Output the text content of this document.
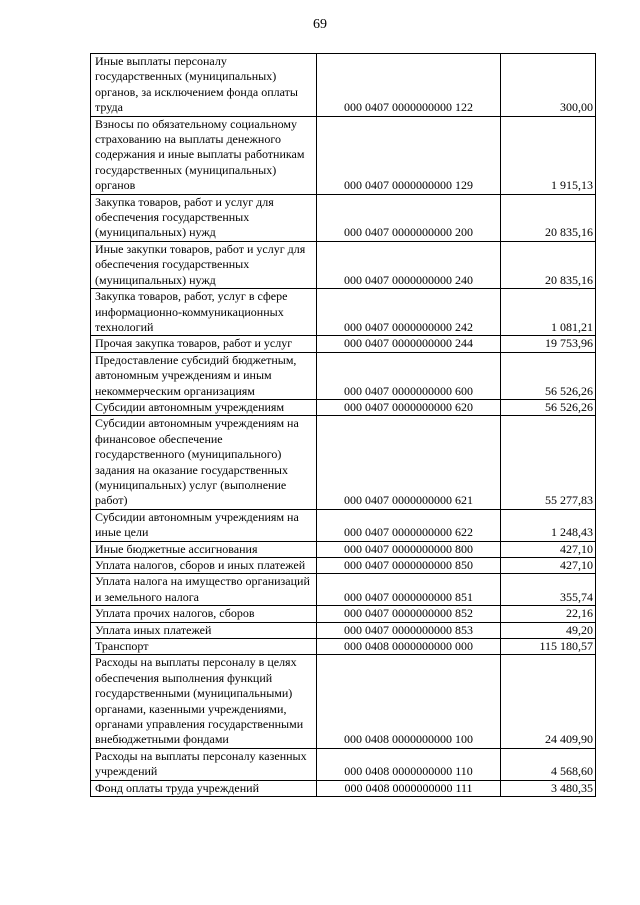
69
Иные выплаты персоналу государственных (муниципальных) органов, за исключением фонда оплаты труда	000 0407 0000000000 122	300,00
Взносы по обязательному социальному страхованию на выплаты денежного содержания и иные выплаты работникам государственных (муниципальных) органов	000 0407 0000000000 129	1 915,13
Закупка товаров, работ и услуг для обеспечения государственных (муниципальных) нужд	000 0407 0000000000 200	20 835,16
Иные закупки товаров, работ и услуг для обеспечения государственных (муниципальных) нужд	000 0407 0000000000 240	20 835,16
Закупка товаров, работ, услуг в сфере информационно-коммуникационных технологий	000 0407 0000000000 242	1 081,21
Прочая закупка товаров, работ и услуг	000 0407 0000000000 244	19 753,96
Предоставление субсидий бюджетным, автономным учреждениям и иным некоммерческим организациям	000 0407 0000000000 600	56 526,26
Субсидии автономным учреждениям	000 0407 0000000000 620	56 526,26
Субсидии автономным учреждениям на финансовое обеспечение государственного (муниципального) задания на оказание государственных (муниципальных) услуг (выполнение работ)	000 0407 0000000000 621	55 277,83
Субсидии автономным учреждениям на иные цели	000 0407 0000000000 622	1 248,43
Иные бюджетные ассигнования	000 0407 0000000000 800	427,10
Уплата налогов, сборов и иных платежей	000 0407 0000000000 850	427,10
Уплата налога на имущество организаций и земельного налога	000 0407 0000000000 851	355,74
Уплата прочих налогов, сборов	000 0407 0000000000 852	22,16
Уплата иных платежей	000 0407 0000000000 853	49,20
Транспорт	000 0408 0000000000 000	115 180,57
Расходы на выплаты персоналу в целях обеспечения выполнения функций государственными (муниципальными) органами, казенными учреждениями, органами управления государственными внебюджетными фондами	000 0408 0000000000 100	24 409,90
Расходы на выплаты персоналу казенных учреждений	000 0408 0000000000 110	4 568,60
Фонд оплаты труда учреждений	000 0408 0000000000 111	3 480,35
